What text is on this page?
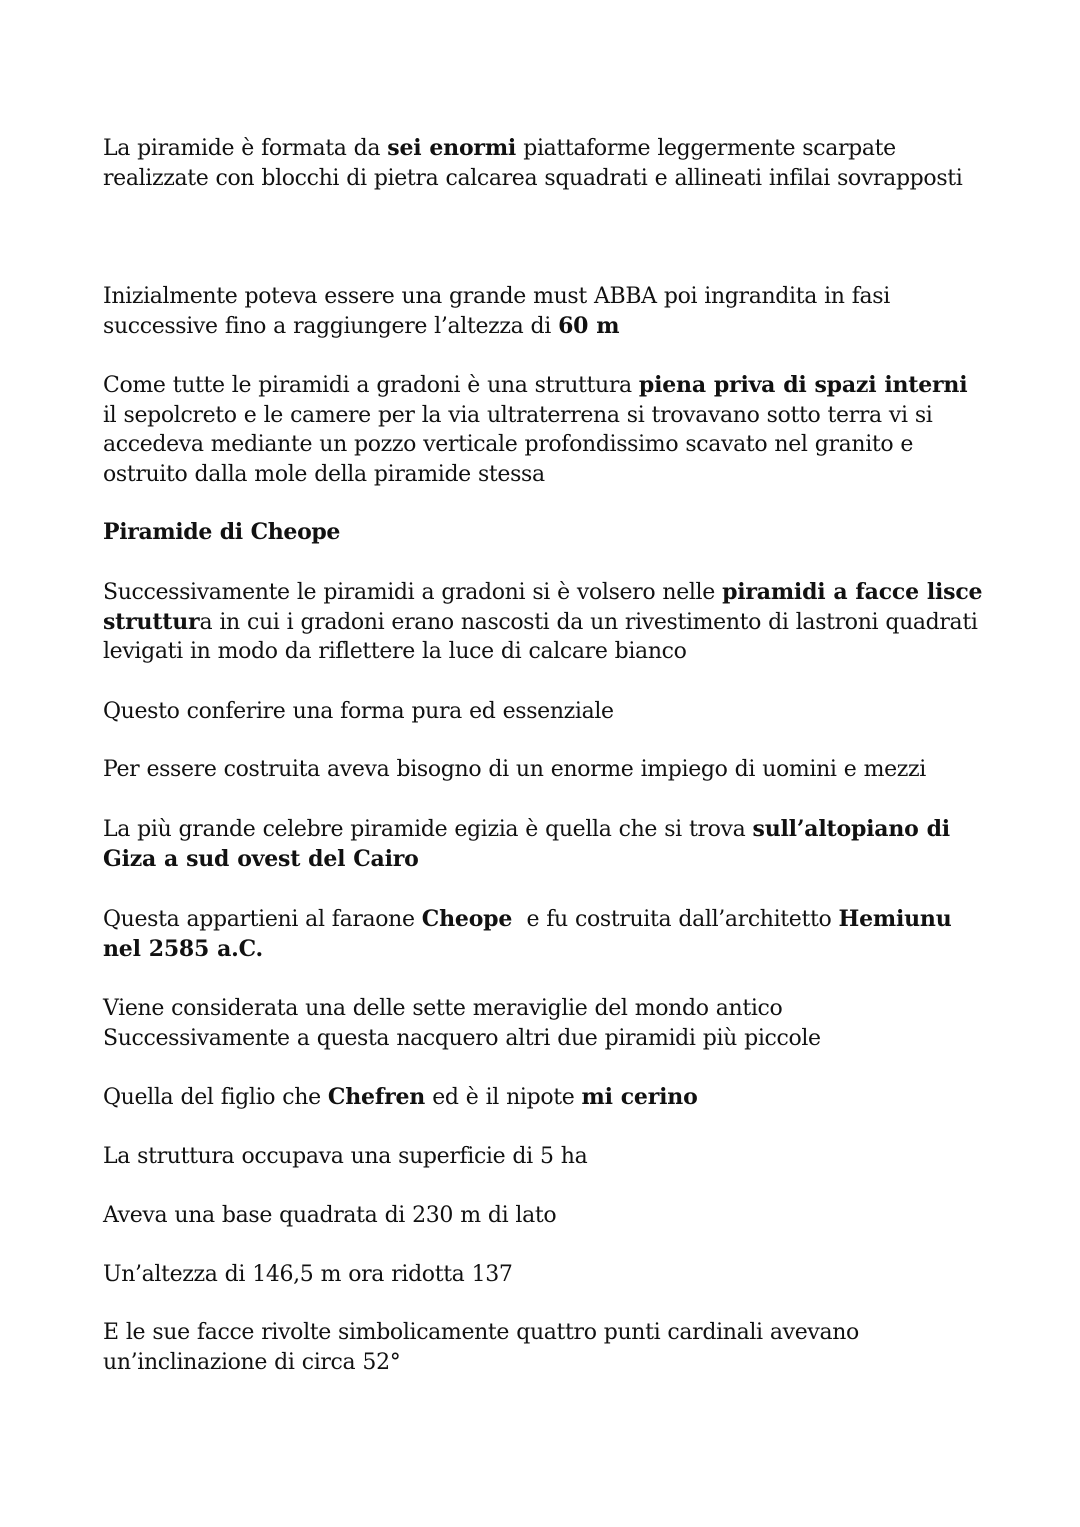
La piramide è formata da sei enormi piattaforme leggermente scarpate realizzate con blocchi di pietra calcarea squadrati e allineati infilai sovrapposti

Inizialmente poteva essere una grande must ABBA poi ingrandita in fasi successive fino a raggiungere l’altezza di 60 m

Come tutte le piramidi a gradoni è una struttura piena priva di spazi interni il sepolcreto e le camere per la via ultraterrena si trovavano sotto terra vi si accedeva mediante un pozzo verticale profondissimo scavato nel granito e ostruito dalla mole della piramide stessa

Piramide di Cheope

Successivamente le piramidi a gradoni si è volsero nelle piramidi a facce lisce struttura in cui i gradoni erano nascosti da un rivestimento di lastroni quadrati levigati in modo da riflettere la luce di calcare bianco

Questo conferire una forma pura ed essenziale

Per essere costruita aveva bisogno di un enorme impiego di uomini e mezzi

La più grande celebre piramide egizia è quella che si trova sull’altopiano di Giza a sud ovest del Cairo

Questa appartieni al faraone Cheope  e fu costruita dall’architetto Hemiunu nel 2585 a.C.

Viene considerata una delle sette meraviglie del mondo antico
Successivamente a questa nacquero altri due piramidi più piccole

Quella del figlio che Chefren ed è il nipote mi cerino

La struttura occupava una superficie di 5 ha

Aveva una base quadrata di 230 m di lato

Un’altezza di 146,5 m ora ridotta 137

E le sue facce rivolte simbolicamente quattro punti cardinali avevano un’inclinazione di circa 52°
